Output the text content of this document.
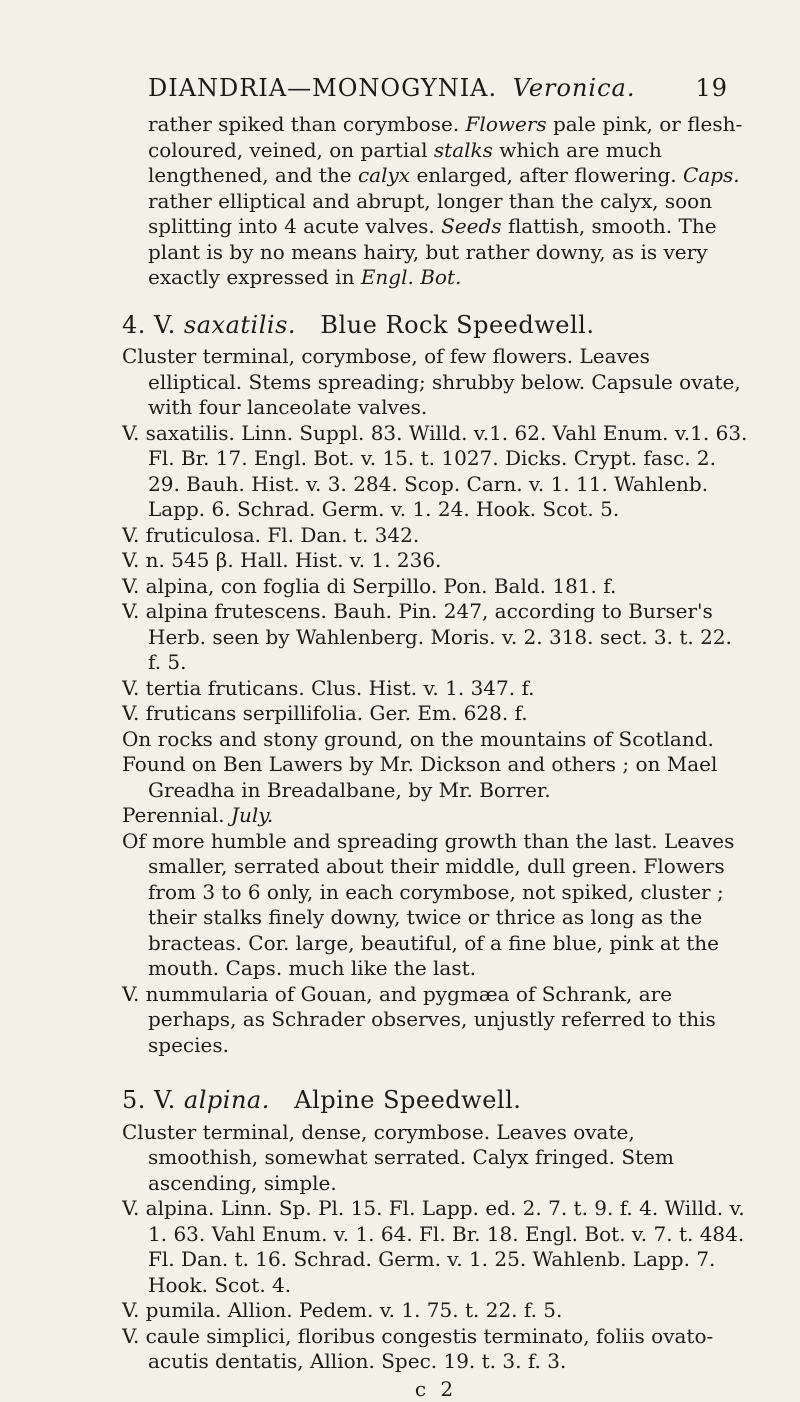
DIANDRIA—MONOGYNIA. Veronica.	19

rather spiked than corymbose. Flowers pale pink, or flesh-coloured, veined, on partial stalks which are much lengthened, and the calyx enlarged, after flowering. Caps. rather elliptical and abrupt, longer than the calyx, soon splitting into 4 acute valves. Seeds flattish, smooth. The plant is by no means hairy, but rather downy, as is very exactly expressed in Engl. Bot.

4. V. saxatilis. Blue Rock Speedwell.

Cluster terminal, corymbose, of few flowers. Leaves elliptical. Stems spreading; shrubby below. Capsule ovate, with four lanceolate valves.

V. saxatilis. Linn. Suppl. 83. Willd. v.1. 62. Vahl Enum. v.1. 63. Fl. Br. 17. Engl. Bot. v. 15. t. 1027. Dicks. Crypt. fasc. 2. 29. Bauh. Hist. v. 3. 284. Scop. Carn. v. 1. 11. Wahlenb. Lapp. 6. Schrad. Germ. v. 1. 24. Hook. Scot. 5.

V. fruticulosa. Fl. Dan. t. 342.

V. n. 545 β. Hall. Hist. v. 1. 236.

V. alpina, con foglia di Serpillo. Pon. Bald. 181. f.

V. alpina frutescens. Bauh. Pin. 247, according to Burser's Herb. seen by Wahlenberg. Moris. v. 2. 318. sect. 3. t. 22. f. 5.

V. tertia fruticans. Clus. Hist. v. 1. 347. f.

V. fruticans serpillifolia. Ger. Em. 628. f.

On rocks and stony ground, on the mountains of Scotland.

Found on Ben Lawers by Mr. Dickson and others ; on Mael Greadha in Breadalbane, by Mr. Borrer.

Perennial. July.

Of more humble and spreading growth than the last. Leaves smaller, serrated about their middle, dull green. Flowers from 3 to 6 only, in each corymbose, not spiked, cluster ; their stalks finely downy, twice or thrice as long as the bracteas. Cor. large, beautiful, of a fine blue, pink at the mouth. Caps. much like the last.

V. nummularia of Gouan, and pygmæa of Schrank, are perhaps, as Schrader observes, unjustly referred to this species.

5. V. alpina. Alpine Speedwell.

Cluster terminal, dense, corymbose. Leaves ovate, smoothish, somewhat serrated. Calyx fringed. Stem ascending, simple.

V. alpina. Linn. Sp. Pl. 15. Fl. Lapp. ed. 2. 7. t. 9. f. 4. Willd. v. 1. 63. Vahl Enum. v. 1. 64. Fl. Br. 18. Engl. Bot. v. 7. t. 484. Fl. Dan. t. 16. Schrad. Germ. v. 1. 25. Wahlenb. Lapp. 7. Hook. Scot. 4.

V. pumila. Allion. Pedem. v. 1. 75. t. 22. f. 5.

V. caule simplici, floribus congestis terminato, foliis ovato-acutis dentatis, Allion. Spec. 19. t. 3. f. 3.

c 2
